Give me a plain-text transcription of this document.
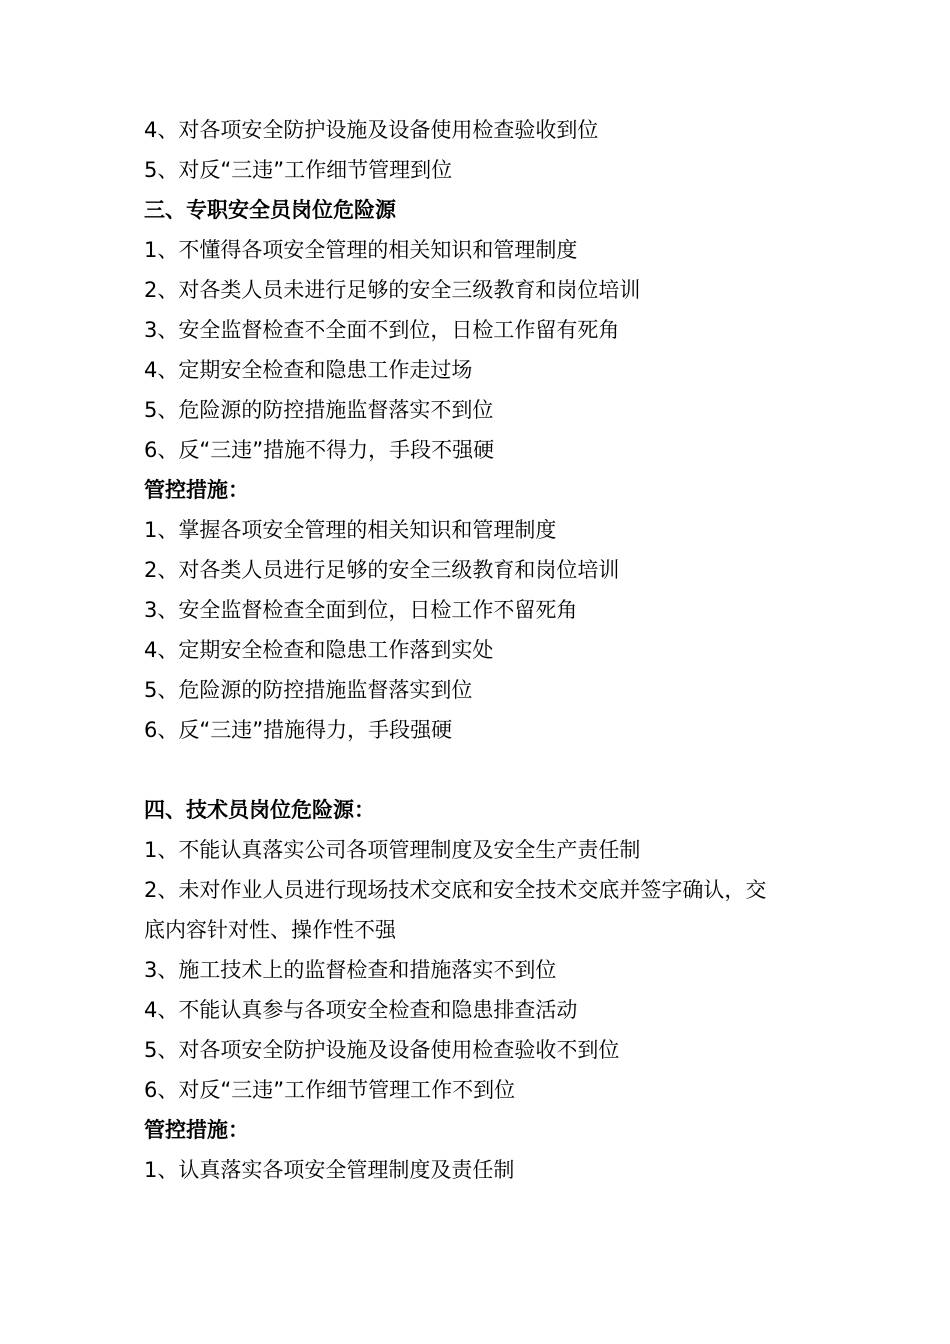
4、对各项安全防护设施及设备使用检查验收到位
5、对反“三违”工作细节管理到位
三、专职安全员岗位危险源
1、不懂得各项安全管理的相关知识和管理制度
2、对各类人员未进行足够的安全三级教育和岗位培训
3、安全监督检查不全面不到位，日检工作留有死角
4、定期安全检查和隐患工作走过场
5、危险源的防控措施监督落实不到位
6、反“三违”措施不得力，手段不强硬
管控措施：
1、掌握各项安全管理的相关知识和管理制度
2、对各类人员进行足够的安全三级教育和岗位培训
3、安全监督检查全面到位，日检工作不留死角
4、定期安全检查和隐患工作落到实处
5、危险源的防控措施监督落实到位
6、反“三违”措施得力，手段强硬
四、技术员岗位危险源：
1、不能认真落实公司各项管理制度及安全生产责任制
2、未对作业人员进行现场技术交底和安全技术交底并签字确认，交
底内容针对性、操作性不强
3、施工技术上的监督检查和措施落实不到位
4、不能认真参与各项安全检查和隐患排查活动
5、对各项安全防护设施及设备使用检查验收不到位
6、对反“三违”工作细节管理工作不到位
管控措施：
1、认真落实各项安全管理制度及责任制
